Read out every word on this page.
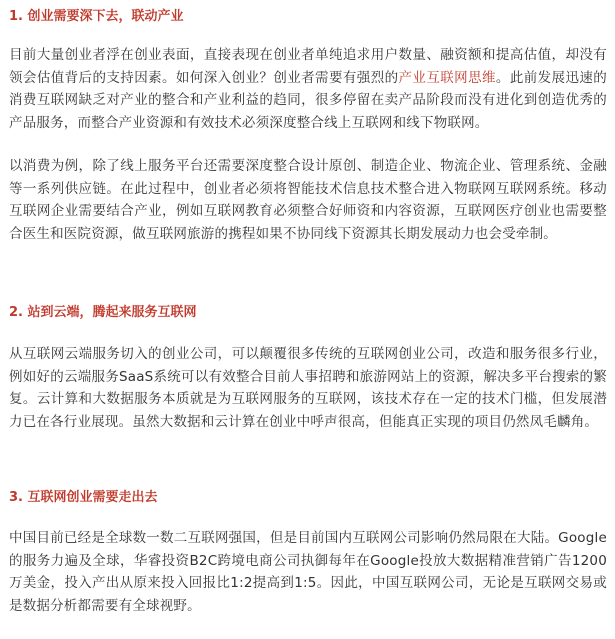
1. 创业需要深下去，联动产业
目前大量创业者浮在创业表面，直接表现在创业者单纯追求用户数量、融资额和提高估值，却没有领会估值背后的支持因素。如何深入创业？创业者需要有强烈的产业互联网思维。此前发展迅速的消费互联网缺乏对产业的整合和产业利益的趋同，很多停留在卖产品阶段而没有进化到创造优秀的产品服务，而整合产业资源和有效技术必须深度整合线上互联网和线下物联网。
以消费为例，除了线上服务平台还需要深度整合设计原创、制造企业、物流企业、管理系统、金融等一系列供应链。在此过程中，创业者必须将智能技术信息技术整合进入物联网互联网系统。移动互联网企业需要结合产业，例如互联网教育必须整合好师资和内容资源，互联网医疗创业也需要整合医生和医院资源，做互联网旅游的携程如果不协同线下资源其长期发展动力也会受牵制。
2. 站到云端，腾起来服务互联网
从互联网云端服务切入的创业公司，可以颠覆很多传统的互联网创业公司，改造和服务很多行业，例如好的云端服务SaaS系统可以有效整合目前人事招聘和旅游网站上的资源，解决多平台搜索的繁复。云计算和大数据服务本质就是为互联网服务的互联网，该技术存在一定的技术门槛，但发展潜力已在各行业展现。虽然大数据和云计算在创业中呼声很高，但能真正实现的项目仍然凤毛麟角。
3. 互联网创业需要走出去
中国目前已经是全球数一数二互联网强国，但是目前国内互联网公司影响仍然局限在大陆。Google的服务力遍及全球，华睿投资B2C跨境电商公司执御每年在Google投放大数据精准营销广告1200万美金，投入产出从原来投入回报比1:2提高到1:5。因此，中国互联网公司，无论是互联网交易或是数据分析都需要有全球视野。
